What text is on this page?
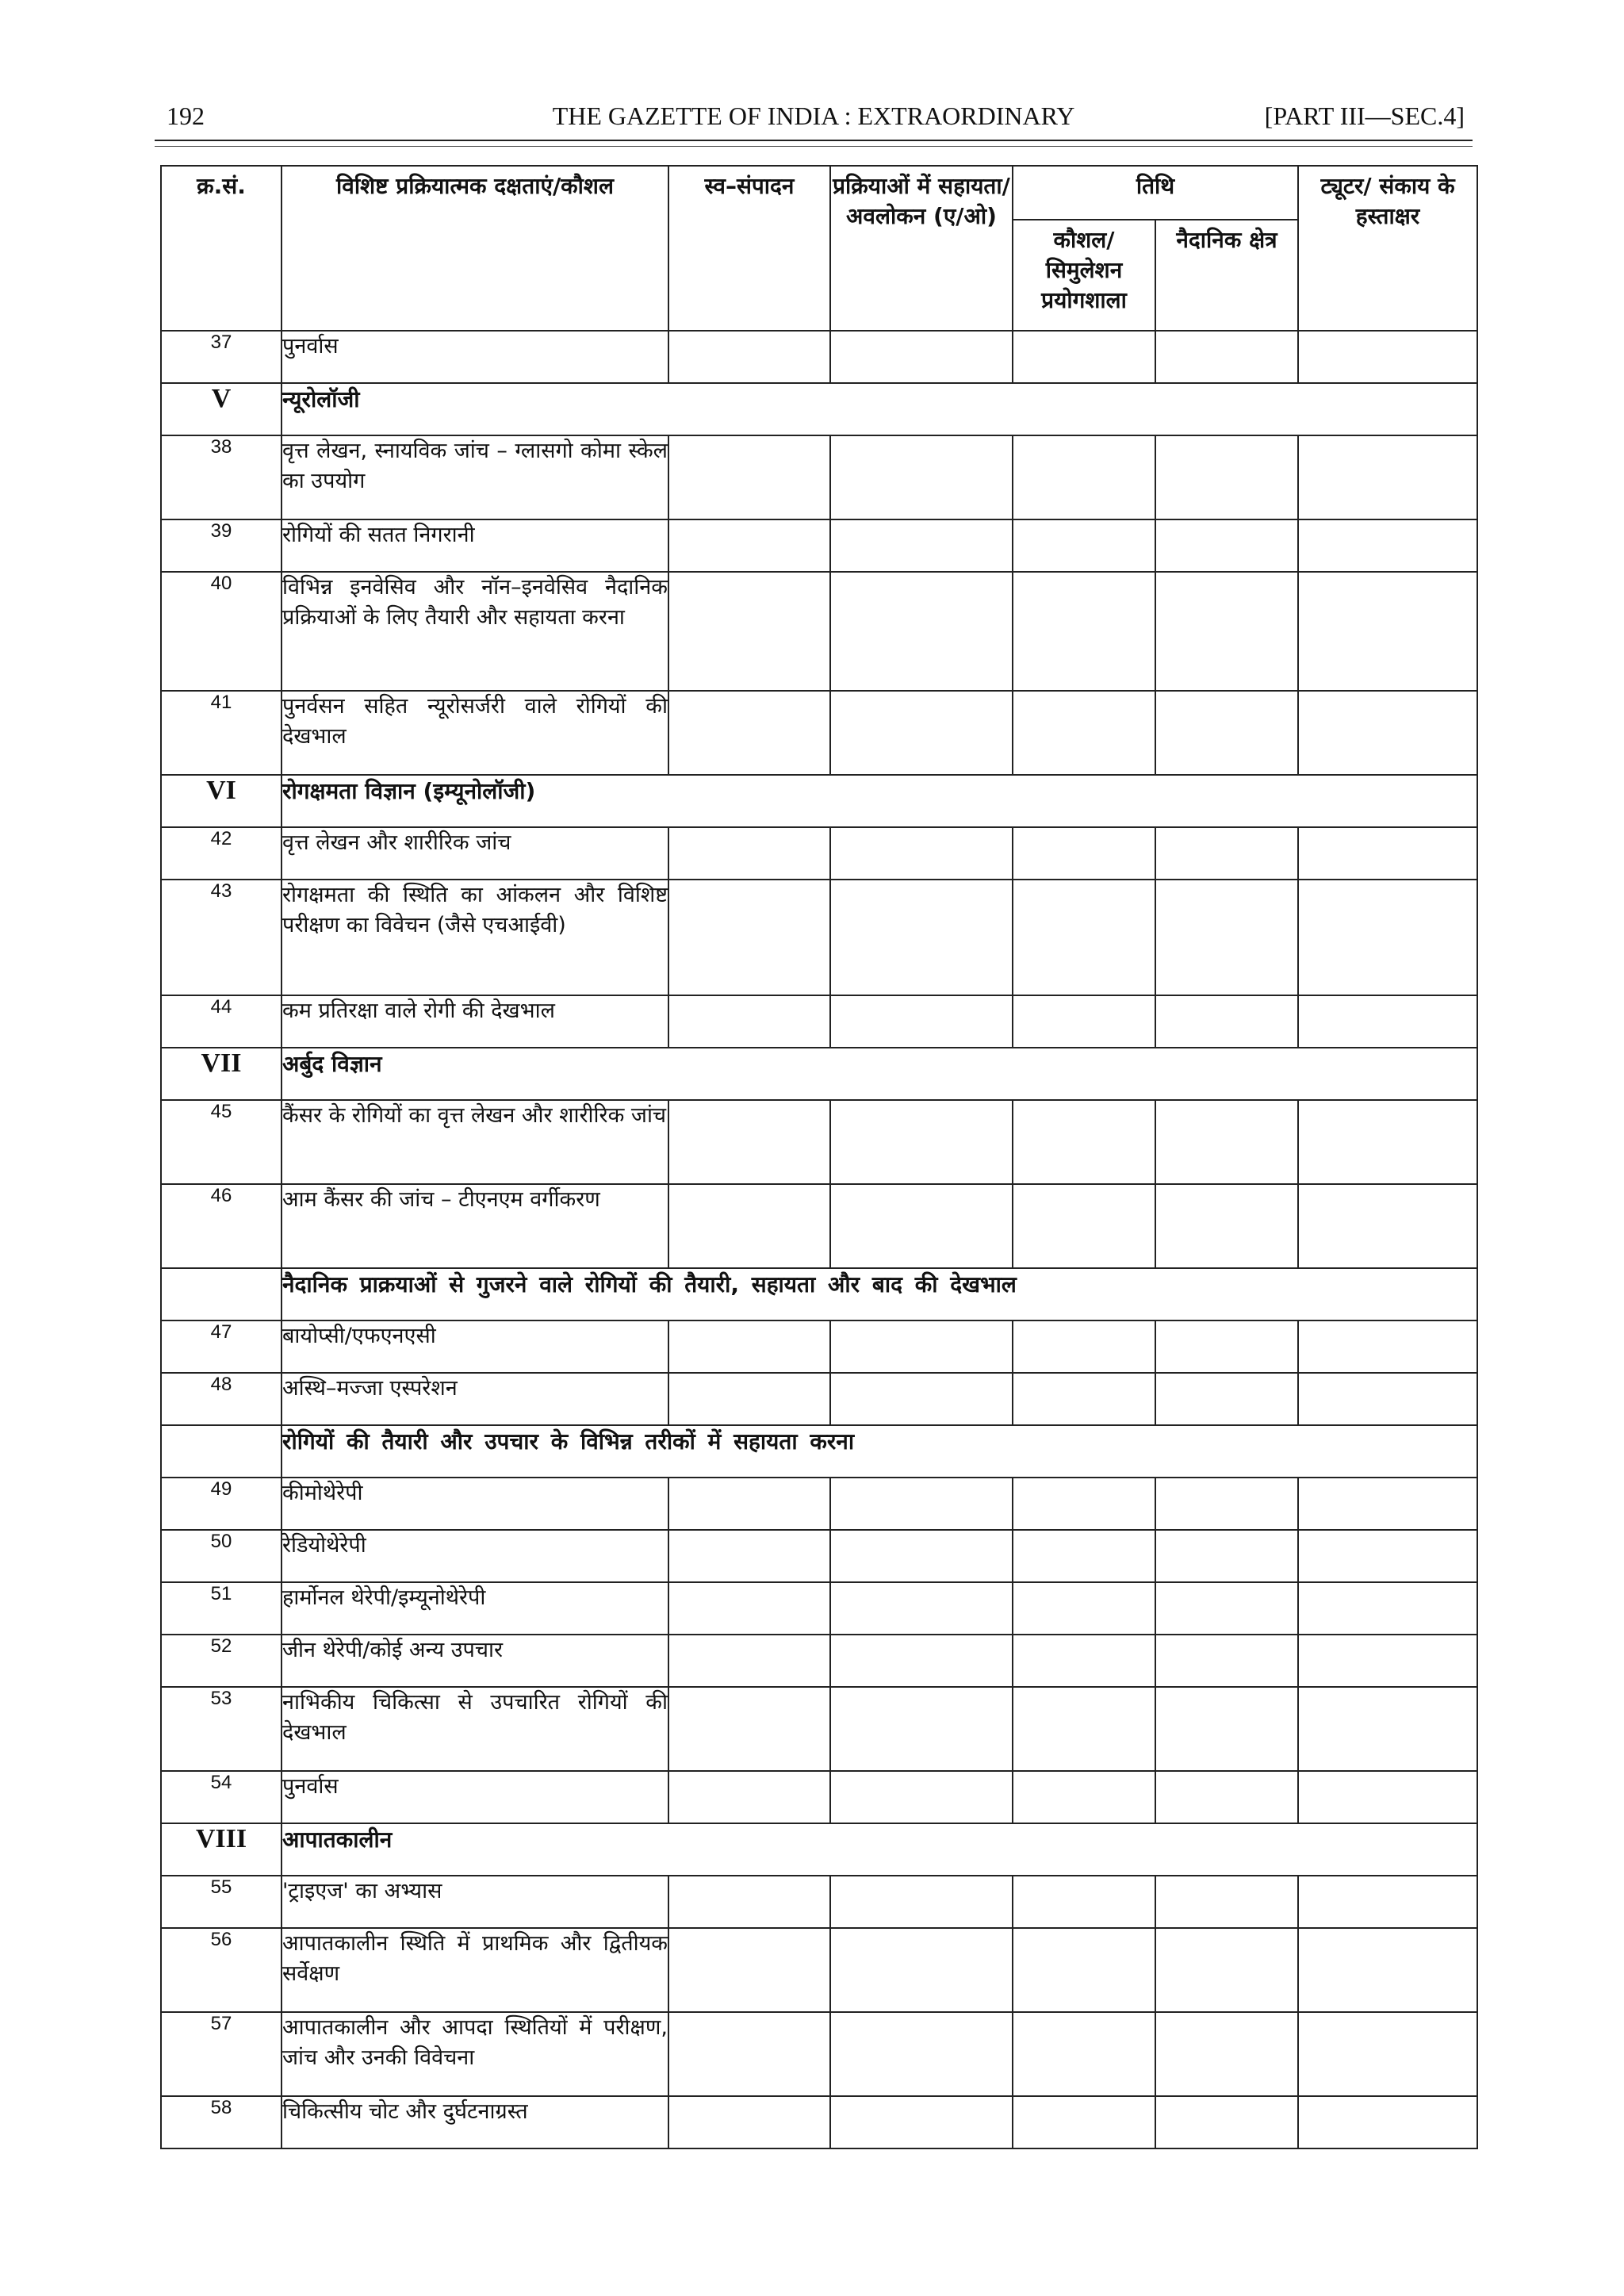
192	THE GAZETTE OF INDIA : EXTRAORDINARY	[PART III—SEC.4]
क्र.सं.	विशिष्ट प्रक्रियात्मक दक्षताएं/कौशल	स्व–संपादन	प्रक्रियाओं में सहायता/ अवलोकन (ए/ओ)	तिथि		ट्यूटर/ संकाय के हस्ताक्षर
				कौशल/ सिमुलेशन प्रयोगशाला	नैदानिक क्षेत्र	
37	पुनर्वास					
V	न्यूरोलॉजी					
38	वृत्त लेखन, स्नायविक जांच – ग्लासगो कोमा स्केल का उपयोग					
39	रोगियों की सतत निगरानी					
40	विभिन्न इनवेसिव और नॉन–इनवेसिव नैदानिक प्रक्रियाओं के लिए तैयारी और सहायता करना					
41	पुनर्वसन सहित न्यूरोसर्जरी वाले रोगियों की देखभाल					
VI	रोगक्षमता विज्ञान (इम्यूनोलॉजी)					
42	वृत्त लेखन और शारीरिक जांच					
43	रोगक्षमता की स्थिति का आंकलन और विशिष्ट परीक्षण का विवेचन (जैसे एचआईवी)					
44	कम प्रतिरक्षा वाले रोगी की देखभाल					
VII	अर्बुद विज्ञान					
45	कैंसर के रोगियों का वृत्त लेखन और शारीरिक जांच					
46	आम कैंसर की जांच – टीएनएम वर्गीकरण					
	नैदानिक प्राक्रयाओं से गुजरने वाले रोगियों की तैयारी, सहायता और बाद की देखभाल					
47	बायोप्सी/एफएनएसी					
48	अस्थि–मज्जा एस्परेशन					
	रोगियों की तैयारी और उपचार के विभिन्न तरीकों में सहायता करना					
49	कीमोथेरेपी					
50	रेडियोथेरेपी					
51	हार्मोनल थेरेपी/इम्यूनोथेरेपी					
52	जीन थेरेपी/कोई अन्य उपचार					
53	नाभिकीय चिकित्सा से उपचारित रोगियों की देखभाल					
54	पुनर्वास					
VIII	आपातकालीन					
55	'ट्राइएज' का अभ्यास					
56	आपातकालीन स्थिति में प्राथमिक और द्वितीयक सर्वेक्षण					
57	आपातकालीन और आपदा स्थितियों में परीक्षण, जांच और उनकी विवेचना					
58	चिकित्सीय चोट और दुर्घटनाग्रस्त					
